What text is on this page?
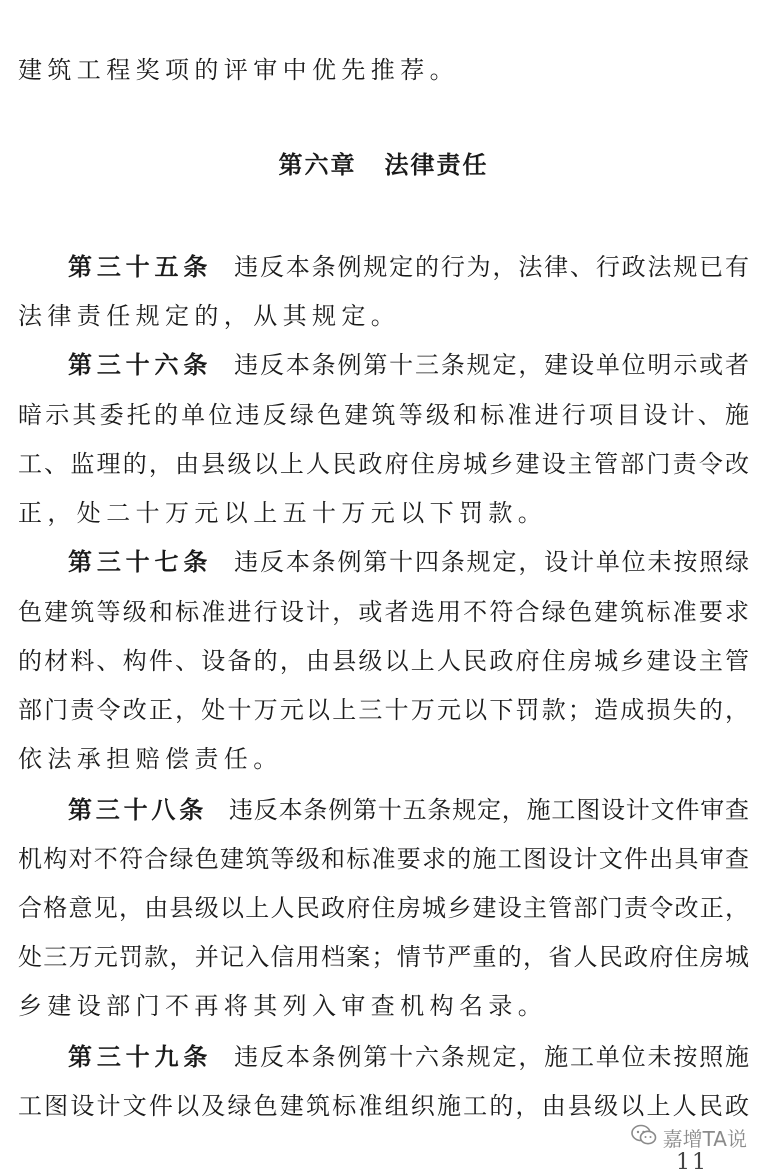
建筑工程奖项的评审中优先推荐。
第六章 法律责任
第三十五条 违反本条例规定的行为，法律、行政法规已有
法律责任规定的，从其规定。
第三十六条 违反本条例第十三条规定，建设单位明示或者
暗示其委托的单位违反绿色建筑等级和标准进行项目设计、施
工、监理的，由县级以上人民政府住房城乡建设主管部门责令改
正，处二十万元以上五十万元以下罚款。
第三十七条 违反本条例第十四条规定，设计单位未按照绿
色建筑等级和标准进行设计，或者选用不符合绿色建筑标准要求
的材料、构件、设备的，由县级以上人民政府住房城乡建设主管
部门责令改正，处十万元以上三十万元以下罚款；造成损失的，
依法承担赔偿责任。
第三十八条 违反本条例第十五条规定，施工图设计文件审查
机构对不符合绿色建筑等级和标准要求的施工图设计文件出具审查
合格意见，由县级以上人民政府住房城乡建设主管部门责令改正，
处三万元罚款，并记入信用档案；情节严重的，省人民政府住房城
乡建设部门不再将其列入审查机构名录。
第三十九条 违反本条例第十六条规定，施工单位未按照施
工图设计文件以及绿色建筑标准组织施工的，由县级以上人民政
11
嘉增TA说
